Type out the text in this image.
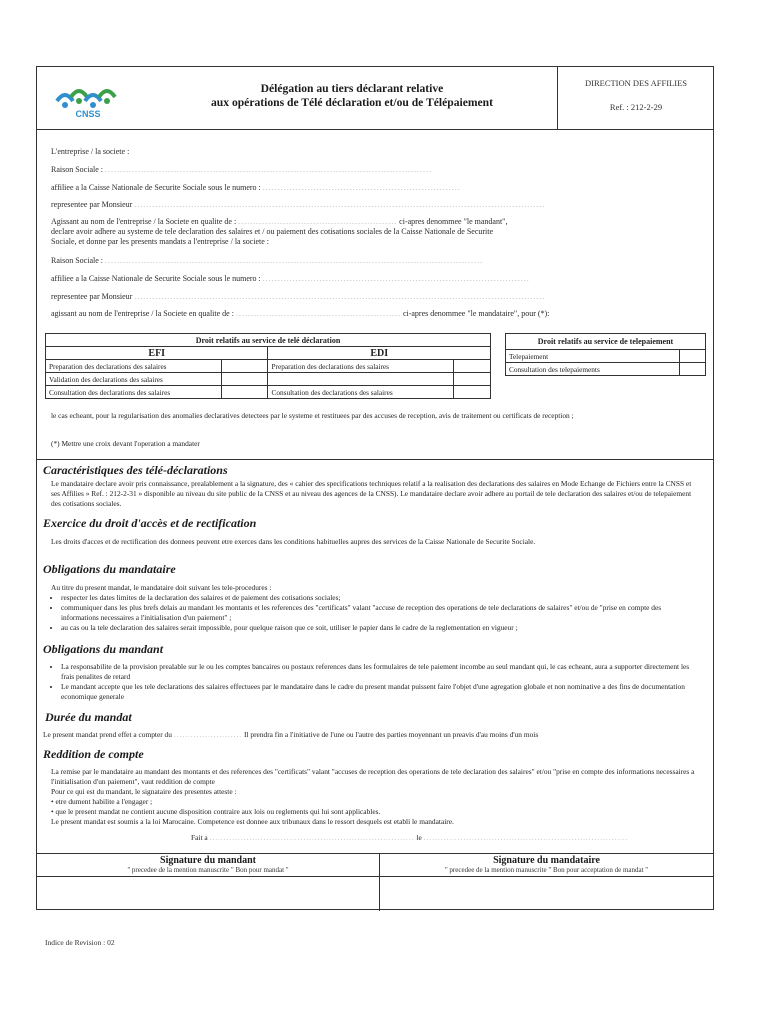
CNSS
Délégation au tiers déclarant relative
aux opérations de Télé déclaration et/ou de Télépaiement
DIRECTION DES AFFILIES
Ref. : 212-2-29
L'entreprise / la societe :
Raison Sociale : .............................................................................................................
affiliee a la Caisse Nationale de Securite Sociale sous le numero : ..................................................................
representee par Monsieur .........................................................................................................................................
Agissant au nom de l'entreprise / la Societe en qualite de : ..................................................... ci-apres denommee "le mandant",
declare avoir adhere au systeme de tele declaration des salaires et / ou paiement des cotisations sociales de la Caisse Nationale de Securite
Sociale, et donne par les presents mandats a l'entreprise / la societe :
Raison Sociale : ..............................................................................................................................
affiliee a la Caisse Nationale de Securite Sociale sous le numero : .........................................................................................
representee par Monsieur .........................................................................................................................................
agissant au nom de l'entreprise / la Societe en qualite de : ....................................................... ci-apres denommee "le mandataire", pour (*):
Droit relatifs au service de telé déclaration			
EFI		EDI	
Preparation des declarations des salaires		Preparation des declarations des salaires	
Validation des declarations des salaires			
Consultation des declarations des salaires		Consultation des declarations des salaires	
Droit relatifs au service de telepaiement	
Telepaiement	
Consultation des telepaiements	
le cas echeant, pour la regularisation des anomalies declaratives detectees par le systeme et restituees par des accuses de reception, avis de traitement ou certificats de reception ;
(*) Mettre une croix devant l'operation a mandater
Caractéristiques des télé-déclarations
Le mandataire declare avoir pris connaissance, prealablement a la signature, des « cahier des specifications techniques relatif a la realisation des declarations des salaires en Mode Echange de Fichiers entre la CNSS et ses Affilies » Ref. : 212-2-31 » disponible au niveau du site public de la CNSS et au niveau des agences de la CNSS). Le mandataire declare avoir adhere au portail de tele declaration des salaires et/ou de telepaiement des cotisations sociales.
Exercice du droit d'accès et de rectification
Les droits d'acces et de rectification des donnees peuvent etre exerces dans les conditions habituelles aupres des services de la Caisse Nationale de Securite Sociale.
Obligations du mandataire
Au titre du present mandat, le mandataire doit suivant les tele-procedures :
• respecter les dates limites de la declaration des salaires et de paiement des cotisations sociales;
• communiquer dans les plus brefs delais au mandant les montants et les references des "certificats" valant "accuse de reception des operations de tele declarations de salaires" et/ou de "prise en compte des informations necessaires a l'initialisation d'un paiement" ;
• au cas ou la tele declaration des salaires serait impossible, pour quelque raison que ce soit, utiliser le papier dans le cadre de la reglementation en vigueur ;
Obligations du mandant
• La responsabilite de la provision prealable sur le ou les comptes bancaires ou postaux references dans les formulaires de tele paiement incombe au seul mandant qui, le cas echeant, aura a supporter directement les frais penalites de retard
• Le mandant accepte que les tele declarations des salaires effectuees par le mandataire dans le cadre du present mandat puissent faire l'objet d'une agregation globale et non nominative a des fins de documentation economique generale
Durée du mandat
Le present mandat prend effet a compter du ........................ Il prendra fin a l'initiative de l'une ou l'autre des parties moyennant un preavis d'au moins d'un mois
Reddition de compte
La remise par le mandataire au mandant des montants et des references des "certificats" valant "accuses de reception des operations de tele declaration des salaires" et/ou "prise en compte des informations necessaires a l'initialisation d'un paiement", vaut reddition de compte
Pour ce qui est du mandant, le signataire des presentes atteste :
• etre dument habilite a l'engager ;
• que le present mandat ne contient aucune disposition contraire aux lois ou reglements qui lui sont applicables.
Le present mandat est soumis a la loi Marocaine. Competence est donnee aux tribunaux dans le ressort desquels est etabli le mandataire.
Fait a ........................................................................ le ........................................................................
Signature du mandant
" precedee de la mention manuscrite " Bon pour mandat "
Signature du mandataire
" precedee de la mention manuscrite " Bon pour acceptation de mandat "
Indice de Revision : 02
